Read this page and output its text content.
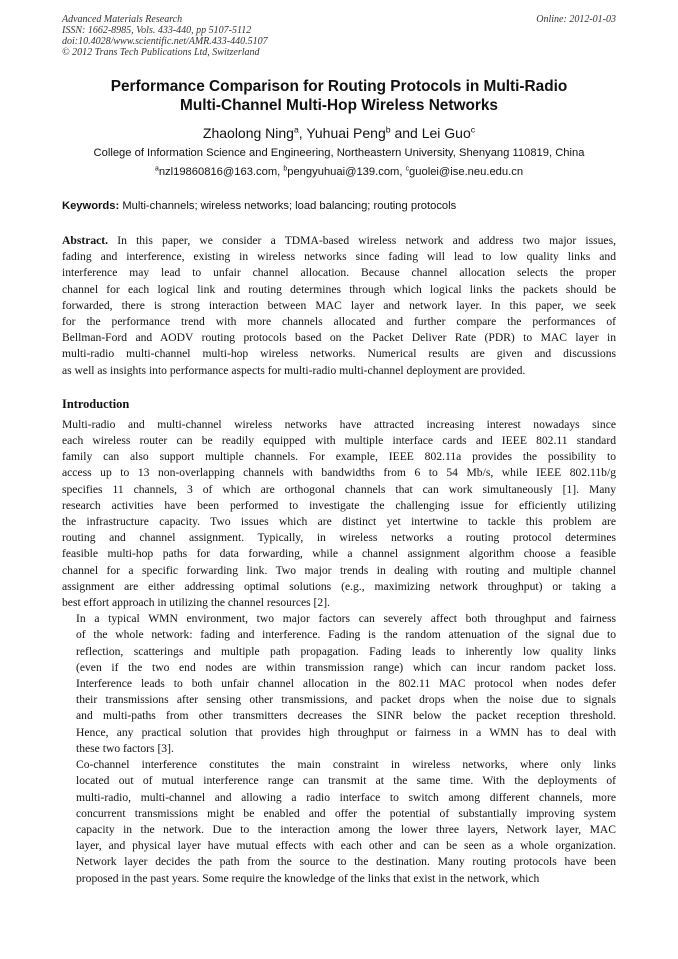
Advanced Materials Research
ISSN: 1662-8985, Vols. 433-440, pp 5107-5112
doi:10.4028/www.scientific.net/AMR.433-440.5107
© 2012 Trans Tech Publications Ltd, Switzerland
Online: 2012-01-03
Performance Comparison for Routing Protocols in Multi-Radio
Multi-Channel Multi-Hop Wireless Networks
Zhaolong Ning$^a$, Yuhuai Peng$^b$ and Lei Guo$^c$
College of Information Science and Engineering, Northeastern University, Shenyang 110819, China
$^a$nzl19860816@163.com, $^b$pengyuhuai@139.com, $^c$guolei@ise.neu.edu.cn
Keywords: Multi-channels; wireless networks; load balancing; routing protocols
Abstract. In this paper, we consider a TDMA-based wireless network and address two major issues,
fading and interference, existing in wireless networks since fading will lead to low quality links and
interference may lead to unfair channel allocation. Because channel allocation selects the proper
channel for each logical link and routing determines through which logical links the packets should be
forwarded, there is strong interaction between MAC layer and network layer. In this paper, we seek
for the performance trend with more channels allocated and further compare the performances of
Bellman-Ford and AODV routing protocols based on the Packet Deliver Rate (PDR) to MAC layer in
multi-radio multi-channel multi-hop wireless networks. Numerical results are given and discussions
as well as insights into performance aspects for multi-radio multi-channel deployment are provided.
Introduction
Multi-radio and multi-channel wireless networks have attracted increasing interest nowadays since
each wireless router can be readily equipped with multiple interface cards and IEEE 802.11 standard
family can also support multiple channels. For example, IEEE 802.11a provides the possibility to
access up to 13 non-overlapping channels with bandwidths from 6 to 54 Mb/s, while IEEE 802.11b/g
specifies 11 channels, 3 of which are orthogonal channels that can work simultaneously [1]. Many
research activities have been performed to investigate the challenging issue for efficiently utilizing
the infrastructure capacity. Two issues which are distinct yet intertwine to tackle this problem are
routing and channel assignment. Typically, in wireless networks a routing protocol determines
feasible multi-hop paths for data forwarding, while a channel assignment algorithm choose a feasible
channel for a specific forwarding link. Two major trends in dealing with routing and multiple channel
assignment are either addressing optimal solutions (e.g., maximizing network throughput) or taking a
best effort approach in utilizing the channel resources [2].
In a typical WMN environment, two major factors can severely affect both throughput and fairness
of the whole network: fading and interference. Fading is the random attenuation of the signal due to
reflection, scatterings and multiple path propagation. Fading leads to inherently low quality links
(even if the two end nodes are within transmission range) which can incur random packet loss.
Interference leads to both unfair channel allocation in the 802.11 MAC protocol when nodes defer
their transmissions after sensing other transmissions, and packet drops when the noise due to signals
and multi-paths from other transmitters decreases the SINR below the packet reception threshold.
Hence, any practical solution that provides high throughput or fairness in a WMN has to deal with
these two factors [3].
Co-channel interference constitutes the main constraint in wireless networks, where only links
located out of mutual interference range can transmit at the same time. With the deployments of
multi-radio, multi-channel and allowing a radio interface to switch among different channels, more
concurrent transmissions might be enabled and offer the potential of substantially improving system
capacity in the network. Due to the interaction among the lower three layers, Network layer, MAC
layer, and physical layer have mutual effects with each other and can be seen as a whole organization.
Network layer decides the path from the source to the destination. Many routing protocols have been
proposed in the past years. Some require the knowledge of the links that exist in the network, which
